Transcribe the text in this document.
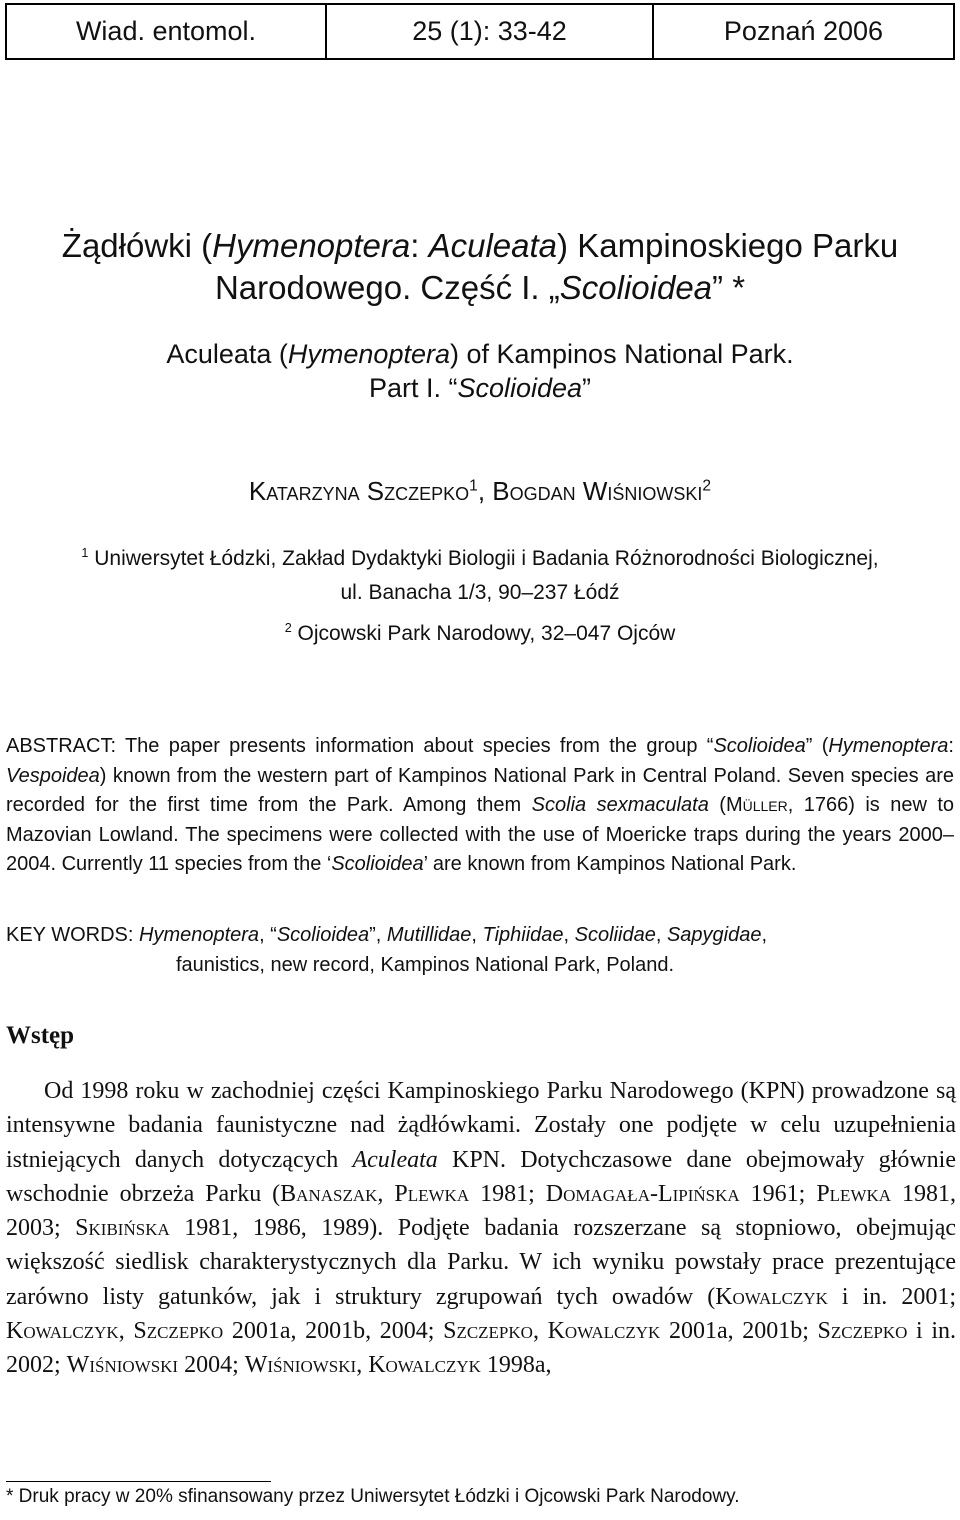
Wiad. entomol.	25 (1): 33-42	Poznań 2006
Żądłówki (Hymenoptera: Aculeata) Kampinoskiego Parku
Narodowego. Część I. „Scolioidea” *
Aculeata (Hymenoptera) of Kampinos National Park.
Part I. “Scolioidea”
Katarzyna Szczepko$^1$, Bogdan Wiśniowski$^2$
$^1$ Uniwersytet Łódzki, Zakład Dydaktyki Biologii i Badania Różnorodności Biologicznej,
ul. Banacha 1/3, 90–237 Łódź
$^2$ Ojcowski Park Narodowy, 32–047 Ojców
ABSTRACT: The paper presents information about species from the group “Scolioidea” (Hymenoptera: Vespoidea) known from the western part of Kampinos National Park in Central Poland. Seven species are recorded for the first time from the Park. Among them Scolia sexmaculata (Müller, 1766) is new to Mazovian Lowland. The specimens were collected with the use of Moericke traps during the years 2000–2004. Currently 11 species from the ‘Scolioidea’ are known from Kampinos National Park.
KEY WORDS: Hymenoptera, “Scolioidea”, Mutillidae, Tiphiidae, Scoliidae, Sapygidae,
faunistics, new record, Kampinos National Park, Poland.
Wstęp
Od 1998 roku w zachodniej części Kampinoskiego Parku Narodowego (KPN) prowadzone są intensywne badania faunistyczne nad żądłówkami. Zostały one podjęte w celu uzupełnienia istniejących danych dotyczących Aculeata KPN. Dotychczasowe dane obejmowały głównie wschodnie obrzeża Parku (Banaszak, Plewka 1981; Domagała-Lipińska 1961; Plewka 1981, 2003; Skibińska 1981, 1986, 1989). Podjęte badania rozszerzane są stopniowo, obejmując większość siedlisk charakterystycznych dla Parku. W ich wyniku powstały prace prezentujące zarówno listy gatunków, jak i struktury zgrupowań tych owadów (Kowalczyk i in. 2001; Kowalczyk, Szczepko 2001a, 2001b, 2004; Szczepko, Kowalczyk 2001a, 2001b; Szczepko i in. 2002; Wiśniowski 2004; Wiśniowski, Kowalczyk 1998a,
* Druk pracy w 20% sfinansowany przez Uniwersytet Łódzki i Ojcowski Park Narodowy.
